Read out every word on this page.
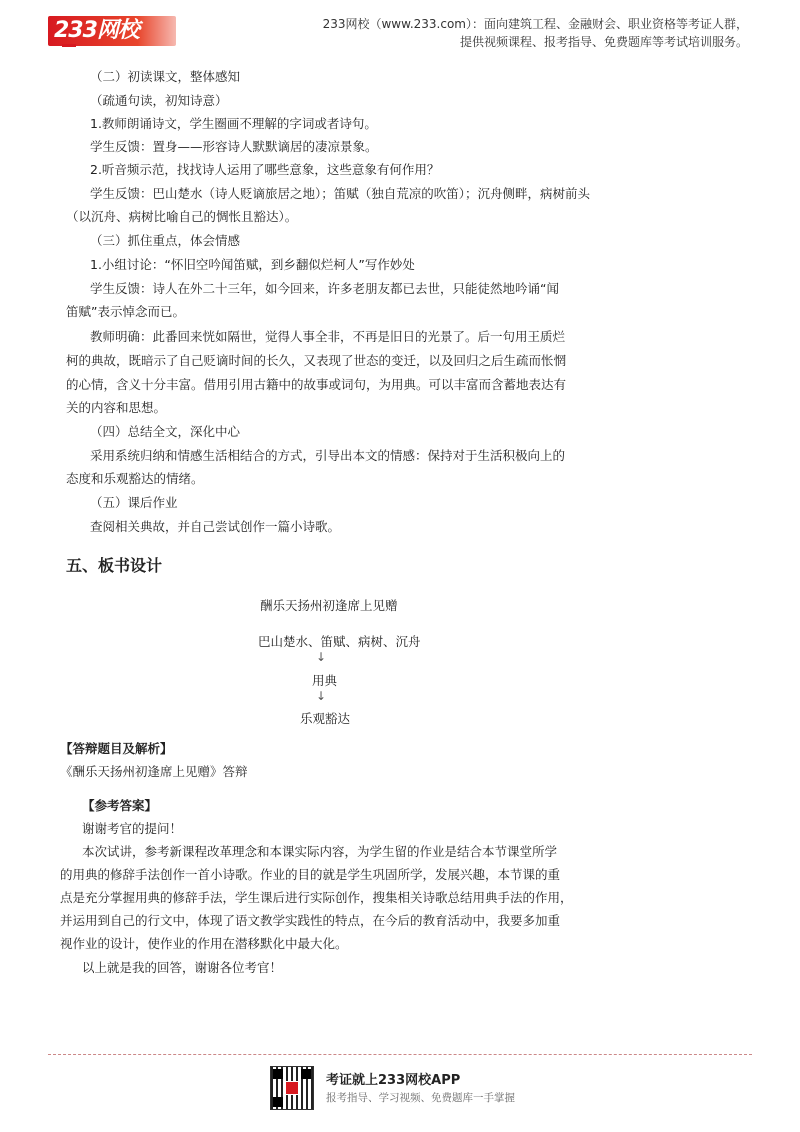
233网校	233网校（www.233.com）：面向建筑工程、金融财会、职业资格等考证人群，
提供视频课程、报考指导、免费题库等考试培训服务。
（二）初读课文，整体感知
（疏通句读，初知诗意）
1.教师朗诵诗文，学生圈画不理解的字词或者诗句。
学生反馈：置身——形容诗人默默谪居的凄凉景象。
2.听音频示范，找找诗人运用了哪些意象，这些意象有何作用？
学生反馈：巴山楚水（诗人贬谪旅居之地）；笛赋（独自荒凉的吹笛）；沉舟侧畔，病树前头
（以沉舟、病树比喻自己的惆怅且豁达）。
（三）抓住重点，体会情感
1.小组讨论：“怀旧空吟闻笛赋，到乡翻似烂柯人”写作妙处
学生反馈：诗人在外二十三年，如今回来，许多老朋友都已去世，只能徒然地吟诵“闻
笛赋”表示悼念而已。
教师明确：此番回来恍如隔世，觉得人事全非，不再是旧日的光景了。后一句用王质烂
柯的典故，既暗示了自己贬谪时间的长久，又表现了世态的变迁，以及回归之后生疏而怅惘
的心情，含义十分丰富。借用引用古籍中的故事或词句，为用典。可以丰富而含蓄地表达有
关的内容和思想。
（四）总结全文，深化中心
采用系统归纳和情感生活相结合的方式，引导出本文的情感：保持对于生活积极向上的
态度和乐观豁达的情绪。
（五）课后作业
查阅相关典故，并自己尝试创作一篇小诗歌。
五、板书设计
酬乐天扬州初逢席上见赠
巴山楚水、笛赋、病树、沉舟
↓
用典
↓
乐观豁达
【答辩题目及解析】
《酬乐天扬州初逢席上见赠》答辩
【参考答案】
谢谢考官的提问！
本次试讲，参考新课程改革理念和本课实际内容，为学生留的作业是结合本节课堂所学
的用典的修辞手法创作一首小诗歌。作业的目的就是学生巩固所学，发展兴趣，本节课的重
点是充分掌握用典的修辞手法，学生课后进行实际创作，搜集相关诗歌总结用典手法的作用，
并运用到自己的行文中，体现了语文教学实践性的特点，在今后的教育活动中，我要多加重
视作业的设计，使作业的作用在潜移默化中最大化。
以上就是我的回答，谢谢各位考官！
考证就上233网校APP
报考指导、学习视频、免费题库一手掌握
